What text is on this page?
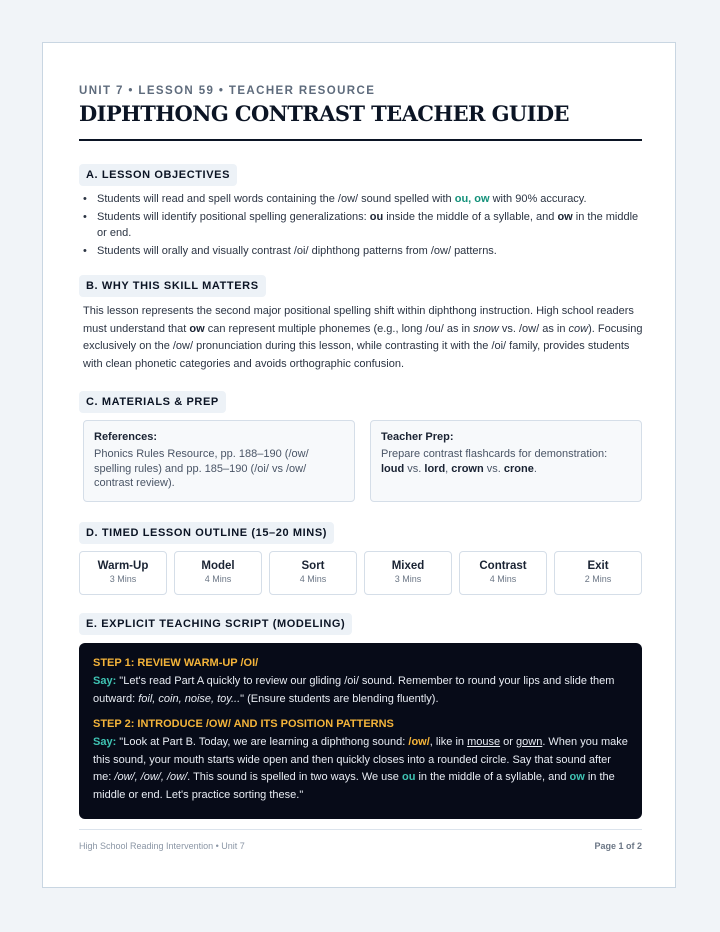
UNIT 7 • LESSON 59 • TEACHER RESOURCE
DIPHTHONG CONTRAST TEACHER GUIDE
A. LESSON OBJECTIVES
• Students will read and spell words containing the /ow/ sound spelled with ou, ow with 90% accuracy.
• Students will identify positional spelling generalizations: ou inside the middle of a syllable, and ow in the middle or end.
• Students will orally and visually contrast /oi/ diphthong patterns from /ow/ patterns.
B. WHY THIS SKILL MATTERS
This lesson represents the second major positional spelling shift within diphthong instruction. High school readers must understand that ow can represent multiple phonemes (e.g., long /ou/ as in snow vs. /ow/ as in cow). Focusing exclusively on the /ow/ pronunciation during this lesson, while contrasting it with the /oi/ family, provides students with clean phonetic categories and avoids orthographic confusion.
C. MATERIALS & PREP
References:

Phonics Rules Resource, pp. 188–190 (/ow/ spelling rules) and pp. 185–190 (/oi/ vs /ow/ contrast review).

Teacher Prep:

Prepare contrast flashcards for demonstration: loud vs. lord, crown vs. crone.

D. TIMED LESSON OUTLINE (15–20 MINS)
Warm-Up
3 Mins
Model
4 Mins
Sort
4 Mins
Mixed
3 Mins
Contrast
4 Mins
Exit
2 Mins
E. EXPLICIT TEACHING SCRIPT (MODELING)
STEP 1: REVIEW WARM-UP /OI/

Say: "Let's read Part A quickly to review our gliding /oi/ sound. Remember to round your lips and slide them outward: foil, coin, noise, toy..." (Ensure students are blending fluently).

STEP 2: INTRODUCE /OW/ AND ITS POSITION PATTERNS

Say: "Look at Part B. Today, we are learning a diphthong sound: /ow/, like in mouse or gown. When you make this sound, your mouth starts wide open and then quickly closes into a rounded circle. Say that sound after me: /ow/, /ow/, /ow/. This sound is spelled in two ways. We use ou in the middle of a syllable, and ow in the middle or end. Let's practice sorting these."

High School Reading Intervention • Unit 7	Page 1 of 2
